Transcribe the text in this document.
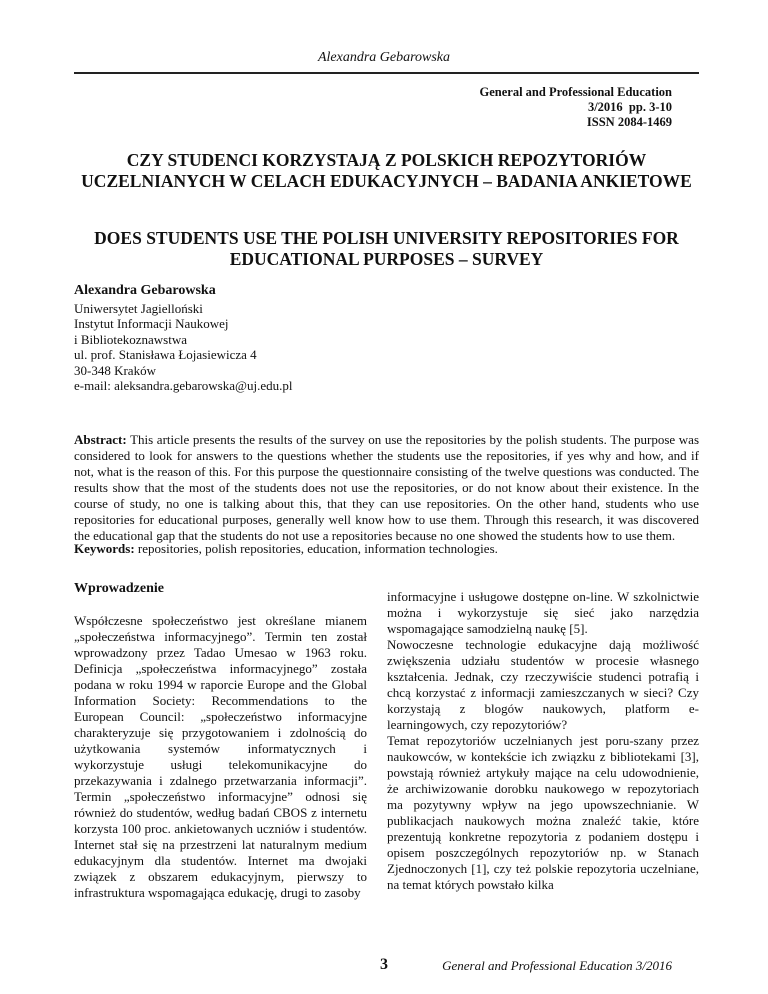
Alexandra Gebarowska
General and Professional Education
3/2016  pp. 3-10
ISSN 2084-1469
CZY STUDENCI KORZYSTAJĄ Z POLSKICH REPOZYTORIÓW UCZELNIANYCH W CELACH EDUKACYJNYCH – BADANIA ANKIETOWE
DOES STUDENTS USE THE POLISH UNIVERSITY REPOSITORIES FOR EDUCATIONAL PURPOSES – SURVEY
Alexandra Gebarowska
Uniwersytet Jagielloński
Instytut Informacji Naukowej
i Bibliotekoznawstwa
ul. prof. Stanisława Łojasiewicza 4
30-348 Kraków
e-mail: aleksandra.gebarowska@uj.edu.pl
Abstract: This article presents the results of the survey on use the repositories by the polish students. The purpose was considered to look for answers to the questions whether the students use the repositories, if yes why and how, and if not, what is the reason of this. For this purpose the questionnaire consisting of the twelve questions was conducted. The results show that the most of the students does not use the repositories, or do not know about their existence. In the course of study, no one is talking about this, that they can use repositories. On the other hand, students who use repositories for educational purposes, generally well know how to use them. Through this research, it was discovered the educational gap that the students do not use a repositories because no one showed the students how to use them.
Keywords: repositories, polish repositories, education, information technologies.
Wprowadzenie

Współczesne społeczeństwo jest określane mianem „społeczeństwa informacyjnego”. Termin ten został wprowadzony przez Tadao Umesao w 1963 roku. Definicja „społeczeństwa informacyjnego” została podana w roku 1994 w raporcie Europe and the Global Information Society: Recommendations to the European Council: „społeczeństwo informacyjne charakteryzuje się przygotowaniem i zdolnością do użytkowania systemów informatycznych i wykorzystuje usługi telekomunikacyjne do przekazywania i zdalnego przetwarzania informacji”. Termin „społeczeństwo informacyjne” odnosi się również do studentów, według badań CBOS z internetu korzysta 100 proc. ankietowanych uczniów i studentów. Internet stał się na przestrzeni lat naturalnym medium edukacyjnym dla studentów. Internet ma dwojaki związek z obszarem edukacyjnym, pierwszy to infrastruktura wspomagająca edukację, drugi to zasoby

informacyjne i usługowe dostępne on-line. W szkolnictwie można i wykorzystuje się sieć jako narzędzia wspomagające samodzielną naukę [5].

Nowoczesne technologie edukacyjne dają możliwość zwiększenia udziału studentów w procesie własnego kształcenia. Jednak, czy rzeczywiście studenci potrafią i chcą korzystać z informacji zamieszczanych w sieci? Czy korzystają z blogów naukowych, platform e-learningowych, czy repozytoriów?

Temat repozytoriów uczelnianych jest poru-szany przez naukowców, w kontekście ich związku z bibliotekami [3], powstają również artykuły mające na celu udowodnienie, że archiwizowanie dorobku naukowego w repozytoriach ma pozytywny wpływ na jego upowszechnianie. W publikacjach naukowych można znaleźć takie, które prezentują konkretne repozytoria z podaniem dostępu i opisem poszczególnych repozytoriów np. w Stanach Zjednoczonych [1], czy też polskie repozytoria uczelniane, na temat których powstało kilka

3	General and Professional Education 3/2016
